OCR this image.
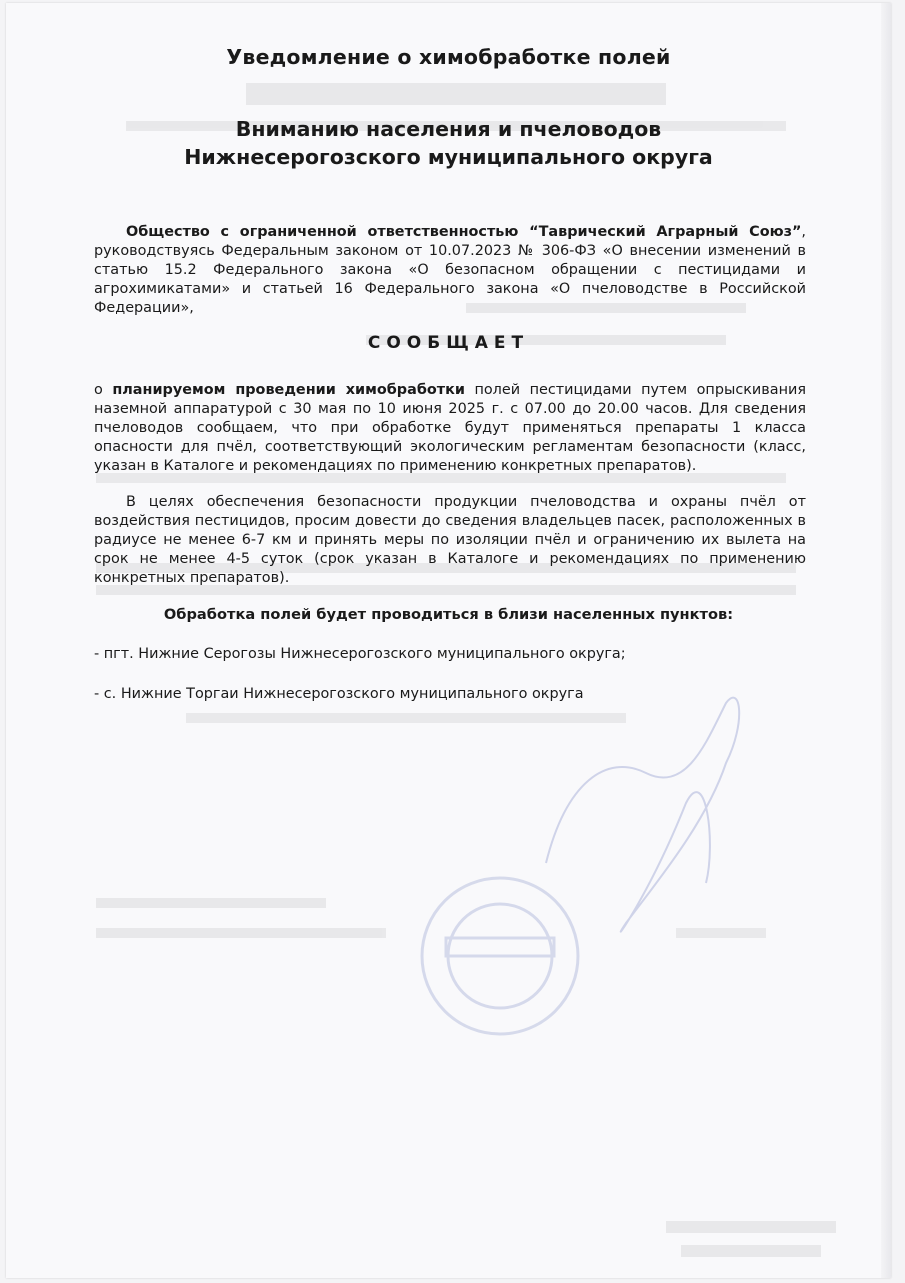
Уведомление о химобработке полей
Вниманию населения и пчеловодов
Нижнесерогозского муниципального округа
Общество с ограниченной ответственностью “Таврический Аграрный Союз”, руководствуясь Федеральным законом от 10.07.2023 № 306-ФЗ «О внесении изменений в статью 15.2 Федерального закона «О безопасном обращении с пестицидами и агрохимикатами» и статьей 16 Федерального закона «О пчеловодстве в Российской Федерации»,
СООБЩАЕТ
о планируемом проведении химобработки полей пестицидами путем опрыскивания наземной аппаратурой с 30 мая по 10 июня 2025 г. с 07.00 до 20.00 часов. Для сведения пчеловодов сообщаем, что при обработке будут применяться препараты 1 класса опасности для пчёл, соответствующий экологическим регламентам безопасности (класс, указан в Каталоге и рекомендациях по применению конкретных препаратов).
В целях обеспечения безопасности продукции пчеловодства и охраны пчёл от воздействия пестицидов, просим довести до сведения владельцев пасек, расположенных в радиусе не менее 6-7 км и принять меры по изоляции пчёл и ограничению их вылета на срок не менее 4-5 суток (срок указан в Каталоге и рекомендациях по применению конкретных препаратов).
Обработка полей будет проводиться в близи населенных пунктов:
- пгт. Нижние Серогозы Нижнесерогозского муниципального округа;
- с. Нижние Торгаи Нижнесерогозского муниципального округа
